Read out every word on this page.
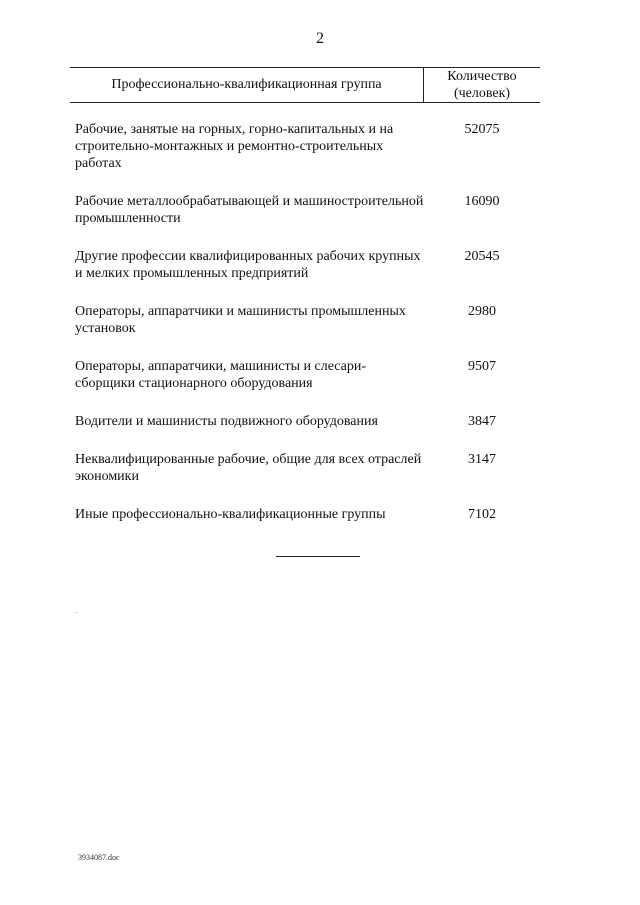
2
Профессионально-квалификационная группа
Количество
(человек)
Рабочие, занятые на горных, горно-капитальных и на строительно-монтажных и ремонтно-строительных работах
52075
Рабочие металлообрабатывающей и машиностроительной промышленности
16090
Другие профессии квалифицированных рабочих крупных и мелких промышленных предприятий
20545
Операторы, аппаратчики и машинисты промышленных установок
2980
Операторы, аппаратчики, машинисты и слесари-сборщики стационарного оборудования
9507
Водители и машинисты подвижного оборудования	3847
Неквалифицированные рабочие, общие для всех отраслей экономики
3147
Иные профессионально-квалификационные группы	7102
3934087.doc
